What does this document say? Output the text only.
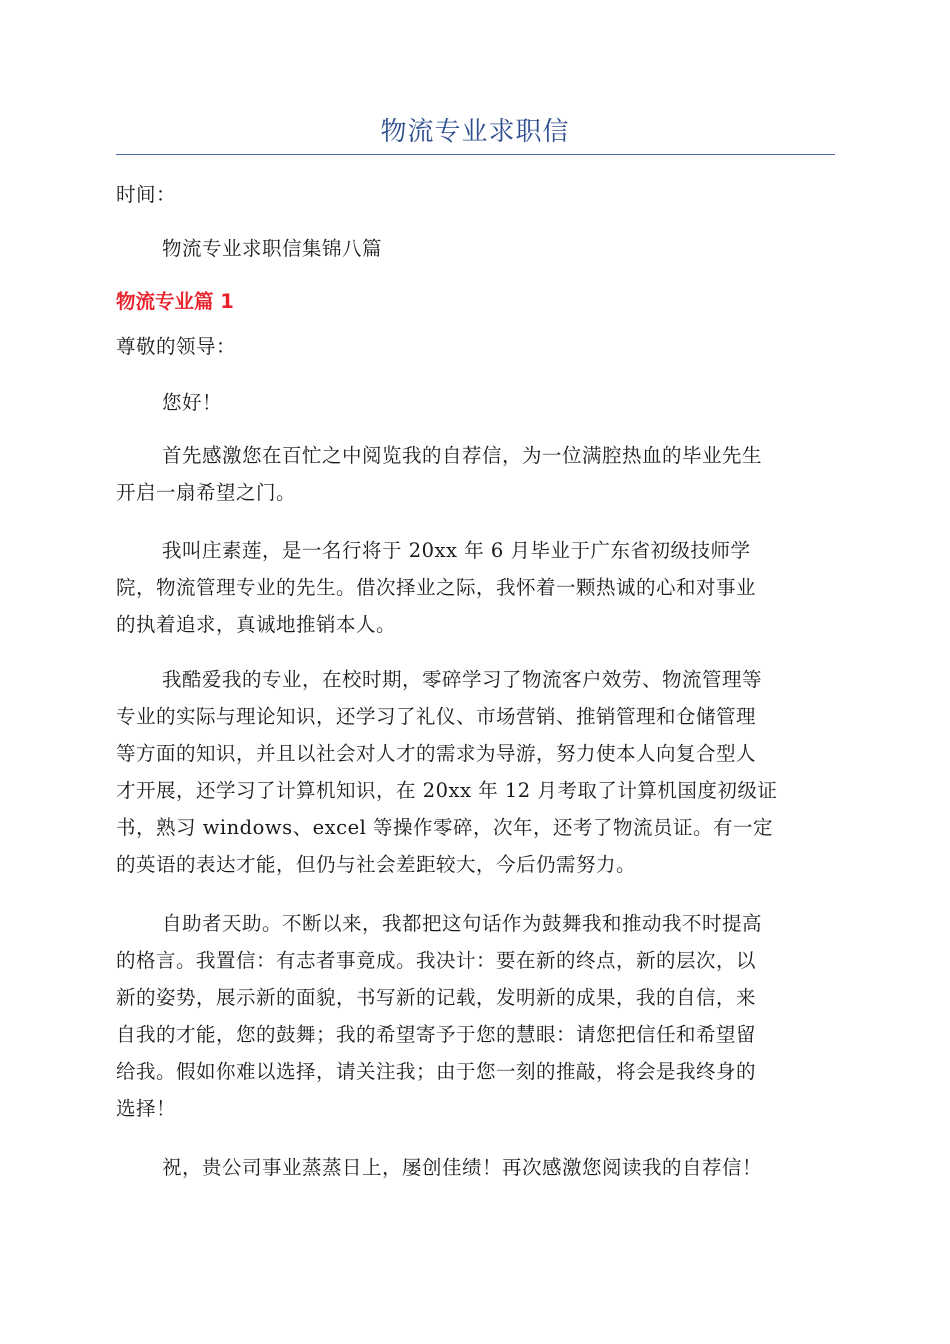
物流专业求职信
时间：
物流专业求职信集锦八篇
物流专业篇 1
尊敬的领导：
您好！
首先感激您在百忙之中阅览我的自荐信，为一位满腔热血的毕业先生
开启一扇希望之门。
我叫庄素莲，是一名行将于 20xx 年 6 月毕业于广东省初级技师学
院，物流管理专业的先生。借次择业之际，我怀着一颗热诚的心和对事业
的执着追求，真诚地推销本人。
我酷爱我的专业，在校时期，零碎学习了物流客户效劳、物流管理等
专业的实际与理论知识，还学习了礼仪、市场营销、推销管理和仓储管理
等方面的知识，并且以社会对人才的需求为导游，努力使本人向复合型人
才开展，还学习了计算机知识，在 20xx 年 12 月考取了计算机国度初级证
书，熟习 windows、excel 等操作零碎，次年，还考了物流员证。有一定
的英语的表达才能，但仍与社会差距较大，今后仍需努力。
自助者天助。不断以来，我都把这句话作为鼓舞我和推动我不时提高
的格言。我置信：有志者事竟成。我决计：要在新的终点，新的层次，以
新的姿势，展示新的面貌，书写新的记载，发明新的成果，我的自信，来
自我的才能，您的鼓舞；我的希望寄予于您的慧眼：请您把信任和希望留
给我。假如你难以选择，请关注我；由于您一刻的推敲，将会是我终身的
选择！
祝，贵公司事业蒸蒸日上，屡创佳绩！再次感激您阅读我的自荐信！
